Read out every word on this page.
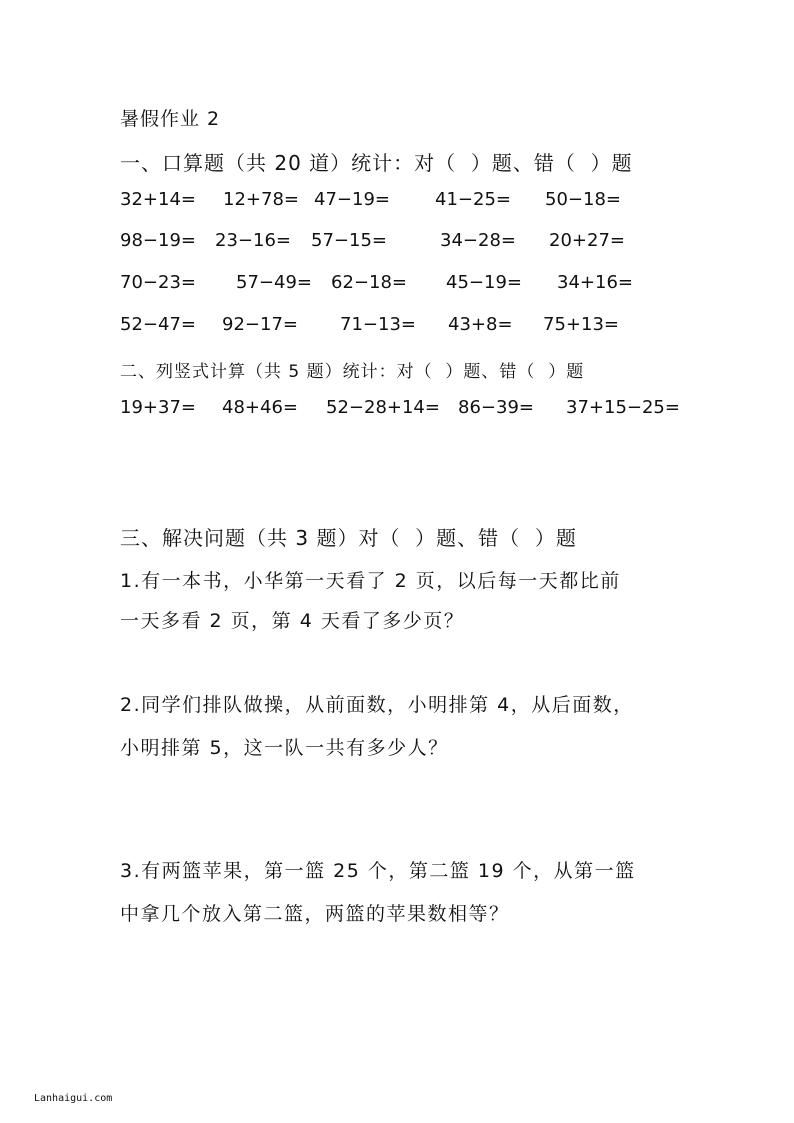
暑假作业 2
一、口算题（共 20 道）统计：对（  ）题、错（  ）题
32+14= 12+78= 47−19=	41−25= 50−18=
98−19= 23−16= 57−15=	34−28= 20+27=
70−23= 57−49= 62−18= 45−19= 34+16=
52−47= 92−17= 71−13= 43+8= 75+13=
二、列竖式计算（共 5 题）统计：对（  ）题、错（  ）题
19+37= 48+46= 52−28+14= 86−39= 37+15−25=
三、解决问题（共 3 题）对（  ）题、错（  ）题
1.有一本书，小华第一天看了 2 页，以后每一天都比前
一天多看 2 页，第 4 天看了多少页？
2.同学们排队做操，从前面数，小明排第 4，从后面数，
小明排第 5，这一队一共有多少人？
3.有两篮苹果，第一篮 25 个，第二篮 19 个，从第一篮
中拿几个放入第二篮，两篮的苹果数相等？
Lanhaigui.com
